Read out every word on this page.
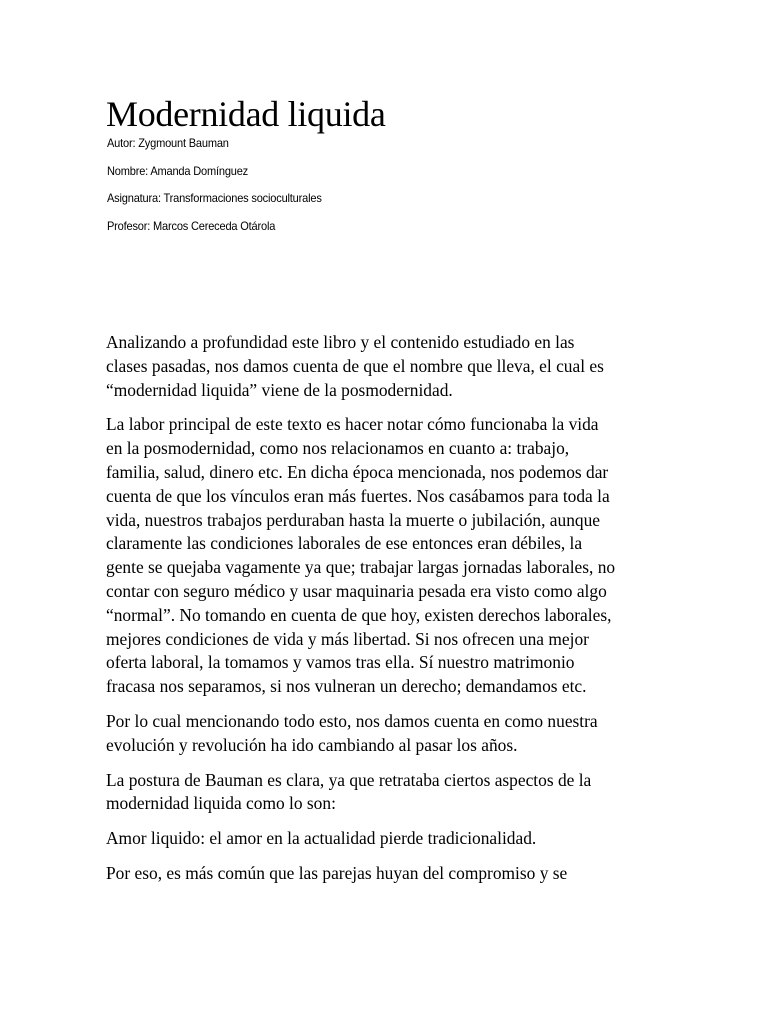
Modernidad liquida

Autor: Zygmount Bauman

Nombre: Amanda Domínguez

Asignatura: Transformaciones socioculturales

Profesor: Marcos Cereceda Otárola

Analizando a profundidad este libro y el contenido estudiado en las
clases pasadas, nos damos cuenta de que el nombre que lleva, el cual es
“modernidad liquida” viene de la posmodernidad.

La labor principal de este texto es hacer notar cómo funcionaba la vida
en la posmodernidad, como nos relacionamos en cuanto a: trabajo,
familia, salud, dinero etc. En dicha época mencionada, nos podemos dar
cuenta de que los vínculos eran más fuertes. Nos casábamos para toda la
vida, nuestros trabajos perduraban hasta la muerte o jubilación, aunque
claramente las condiciones laborales de ese entonces eran débiles, la
gente se quejaba vagamente ya que; trabajar largas jornadas laborales, no
contar con seguro médico y usar maquinaria pesada era visto como algo
“normal”. No tomando en cuenta de que hoy, existen derechos laborales,
mejores condiciones de vida y más libertad. Si nos ofrecen una mejor
oferta laboral, la tomamos y vamos tras ella. Sí nuestro matrimonio
fracasa nos separamos, si nos vulneran un derecho; demandamos etc.

Por lo cual mencionando todo esto, nos damos cuenta en como nuestra
evolución y revolución ha ido cambiando al pasar los años.

La postura de Bauman es clara, ya que retrataba ciertos aspectos de la
modernidad liquida como lo son:

Amor liquido: el amor en la actualidad pierde tradicionalidad.

Por eso, es más común que las parejas huyan del compromiso y se
